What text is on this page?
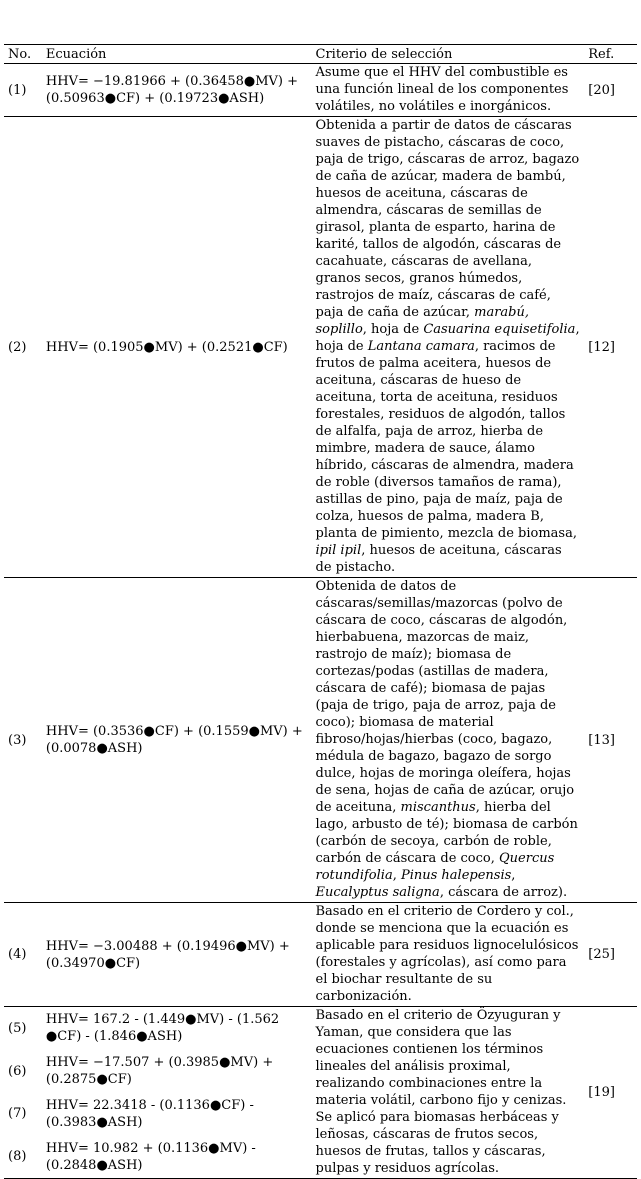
No.	Ecuación	Criterio de selección	Ref.
(1)	HHV= −19.81966 + (0.36458●MV) +
(0.50963●CF) + (0.19723●ASH)	Asume que el HHV del combustible es una función lineal de los componentes volátiles, no volátiles e inorgánicos.	[20]
(2)	HHV= (0.1905●MV) + (0.2521●CF)	Obtenida a partir de datos de cáscaras suaves de pistacho, cáscaras de coco, paja de trigo, cáscaras de arroz, bagazo de caña de azúcar, madera de bambú, huesos de aceituna, cáscaras de almendra, cáscaras de semillas de girasol, planta de esparto, harina de karité, tallos de algodón, cáscaras de cacahuate, cáscaras de avellana, granos secos, granos húmedos, rastrojos de maíz, cáscaras de café, paja de caña de azúcar, marabú, soplillo, hoja de Casuarina equisetifolia, hoja de Lantana camara, racimos de frutos de palma aceitera, huesos de aceituna, cáscaras de hueso de aceituna, torta de aceituna, residuos forestales, residuos de algodón, tallos de alfalfa, paja de arroz, hierba de mimbre, madera de sauce, álamo híbrido, cáscaras de almendra, madera de roble (diversos tamaños de rama), astillas de pino, paja de maíz, paja de colza, huesos de palma, madera B, planta de pimiento, mezcla de biomasa, ipil ipil, huesos de aceituna, cáscaras de pistacho.	[12]
(3)	HHV= (0.3536●CF) + (0.1559●MV) +
(0.0078●ASH)	Obtenida de datos de cáscaras/semillas/mazorcas (polvo de cáscara de coco, cáscaras de algodón, hierbabuena, mazorcas de maiz, rastrojo de maíz); biomasa de cortezas/podas (astillas de madera, cáscara de café); biomasa de pajas (paja de trigo, paja de arroz, paja de coco); biomasa de material fibroso/hojas/hierbas (coco, bagazo, médula de bagazo, bagazo de sorgo dulce, hojas de moringa oleífera, hojas de sena, hojas de caña de azúcar, orujo de aceituna, miscanthus, hierba del lago, arbusto de té); biomasa de carbón (carbón de secoya, carbón de roble, carbón de cáscara de coco, Quercus rotundifolia, Pinus halepensis, Eucalyptus saligna, cáscara de arroz).	[13]
(4)	HHV= −3.00488 + (0.19496●MV) +
(0.34970●CF)	Basado en el criterio de Cordero y col., donde se menciona que la ecuación es aplicable para residuos lignocelulósicos (forestales y agrícolas), así como para el biochar resultante de su carbonización.	[25]
(5)	HHV= 167.2 - (1.449●MV) - (1.562
●CF) - (1.846●ASH)	Basado en el criterio de Özyuguran y Yaman, que considera que las ecuaciones contienen los términos lineales del análisis proximal, realizando combinaciones entre la materia volátil, carbono fijo y cenizas. Se aplicó para biomasas herbáceas y leñosas, cáscaras de frutos secos, huesos de frutas, tallos y cáscaras, pulpas y residuos agrícolas.	[19]
(6)	HHV= −17.507 + (0.3985●MV) +
(0.2875●CF)		

(7)	HHV= 22.3418 - (0.1136●CF) -
(0.3983●ASH)		

(8)	HHV= 10.982 + (0.1136●MV) -
(0.2848●ASH)		
